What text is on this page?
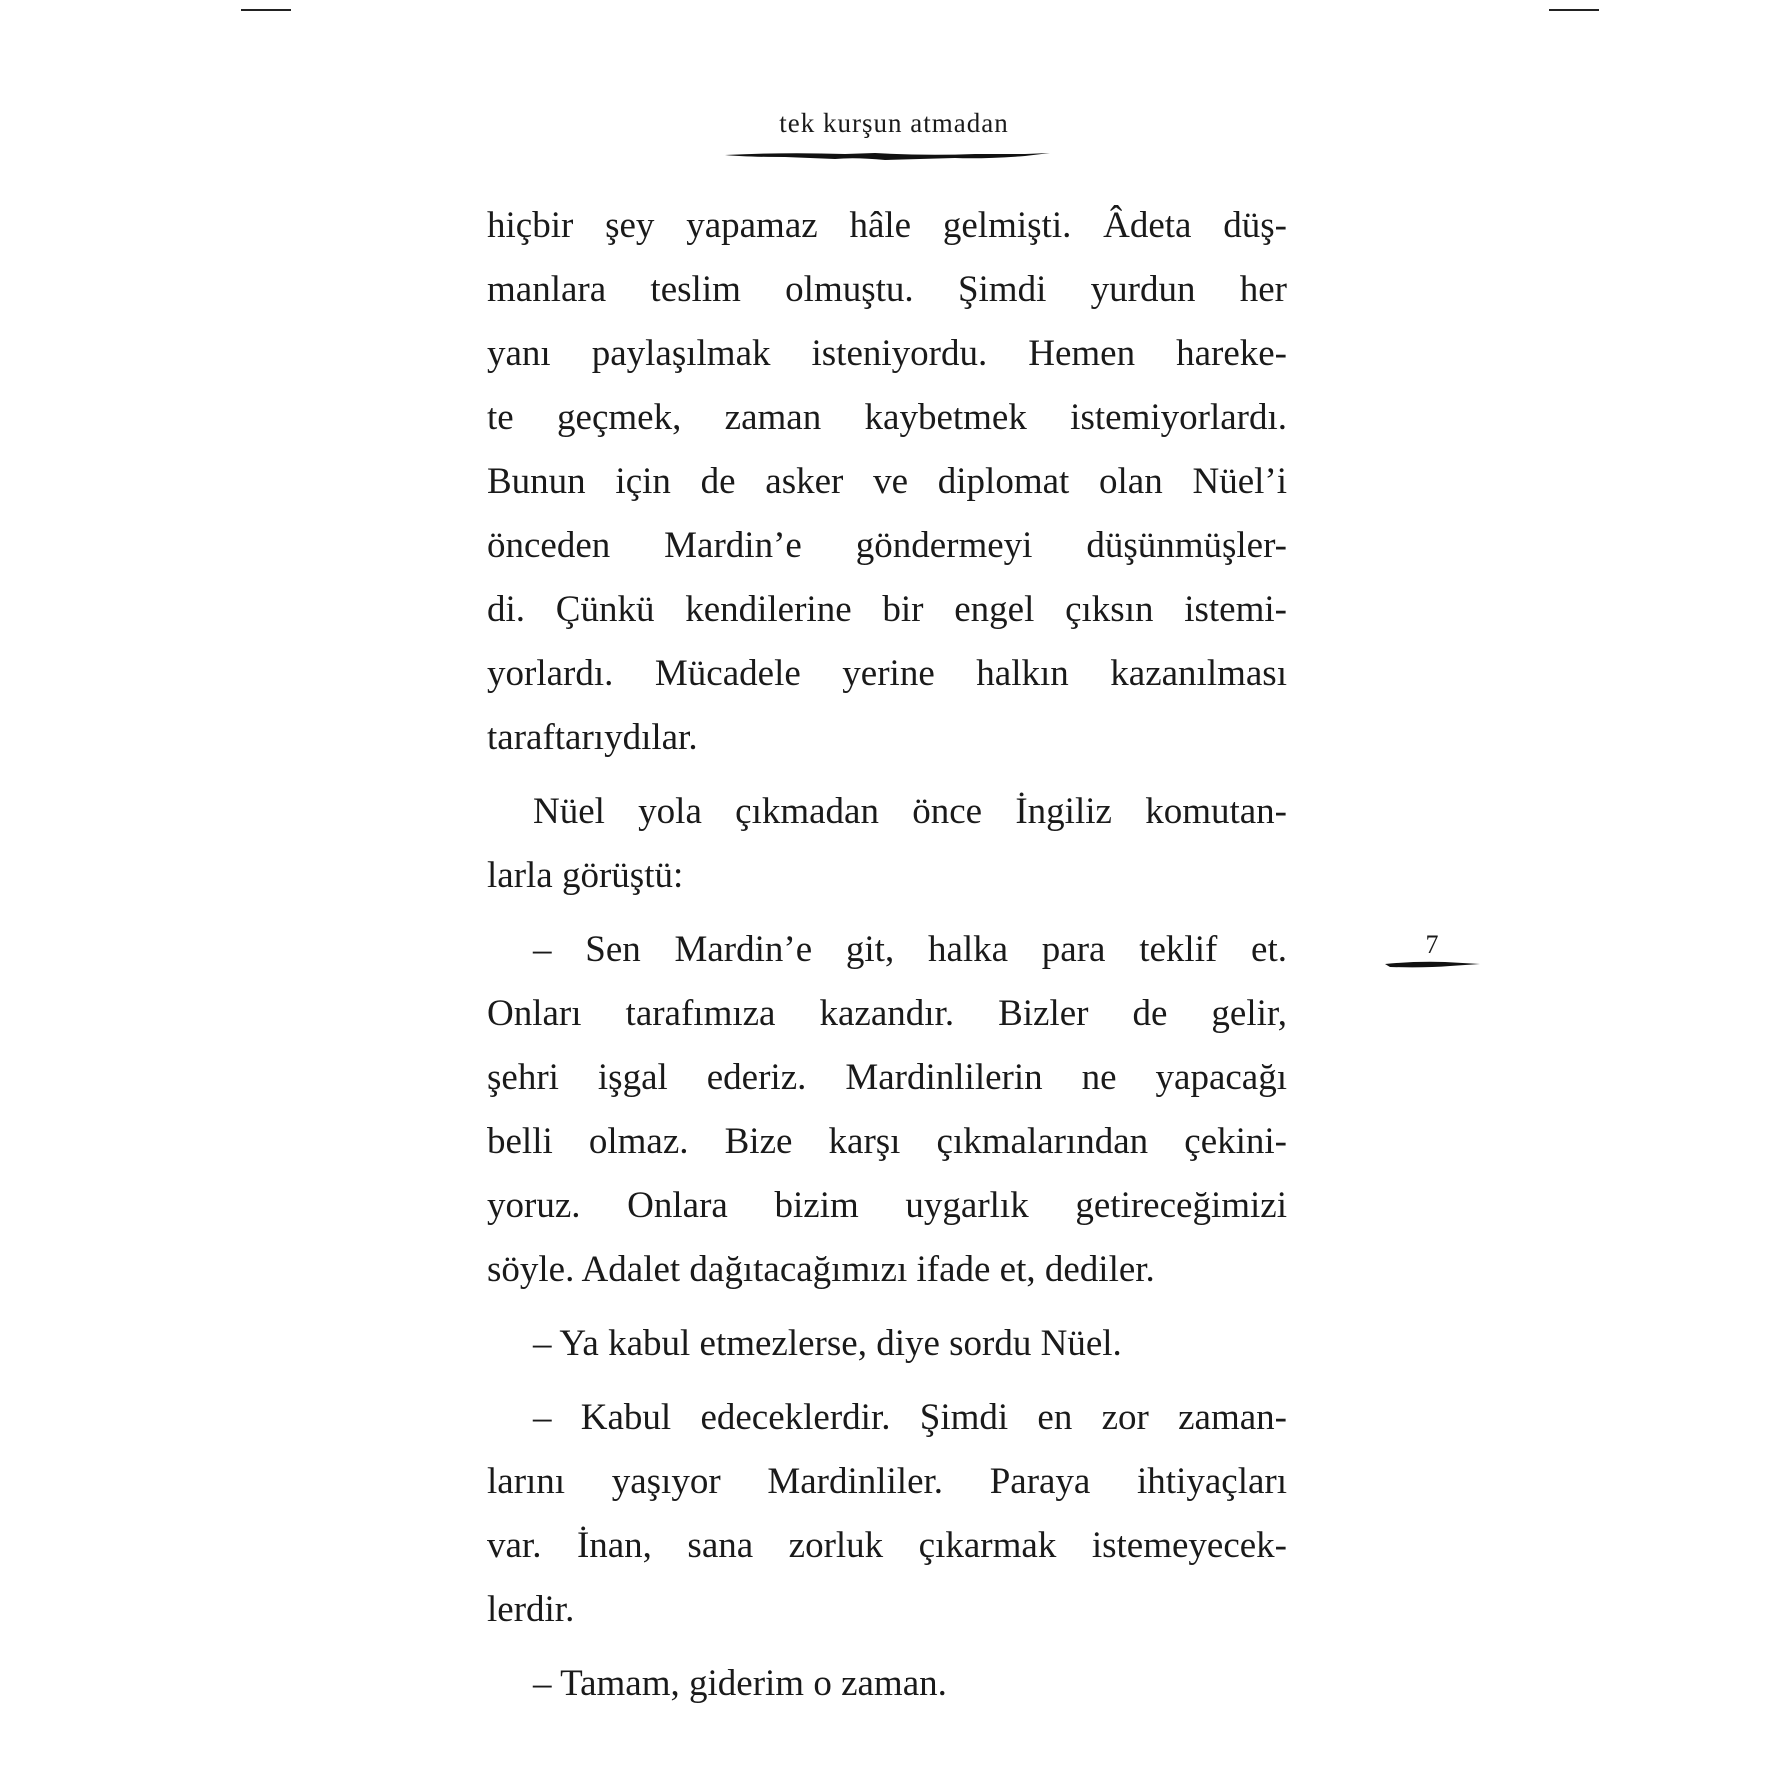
tek kurşun atmadan
hiçbir şey yapamaz hâle gelmişti. Âdeta düş-
manlara teslim olmuştu. Şimdi yurdun her
yanı paylaşılmak isteniyordu. Hemen hareke-
te geçmek, zaman kaybetmek istemiyorlardı.
Bunun için de asker ve diplomat olan Nüel’i
önceden Mardin’e göndermeyi düşünmüşler-
di. Çünkü kendilerine bir engel çıksın istemi-
yorlardı. Mücadele yerine halkın kazanılması
taraftarıydılar.
Nüel yola çıkmadan önce İngiliz komutan-
larla görüştü:
– Sen Mardin’e git, halka para teklif et.
Onları tarafımıza kazandır. Bizler de gelir,
şehri işgal ederiz. Mardinlilerin ne yapacağı
belli olmaz. Bize karşı çıkmalarından çekini-
yoruz. Onlara bizim uygarlık getireceğimizi
söyle. Adalet dağıtacağımızı ifade et, dediler.
– Ya kabul etmezlerse, diye sordu Nüel.
– Kabul edeceklerdir. Şimdi en zor zaman-
larını yaşıyor Mardinliler. Paraya ihtiyaçları
var. İnan, sana zorluk çıkarmak istemeyecek-
lerdir.
– Tamam, giderim o zaman.
7
